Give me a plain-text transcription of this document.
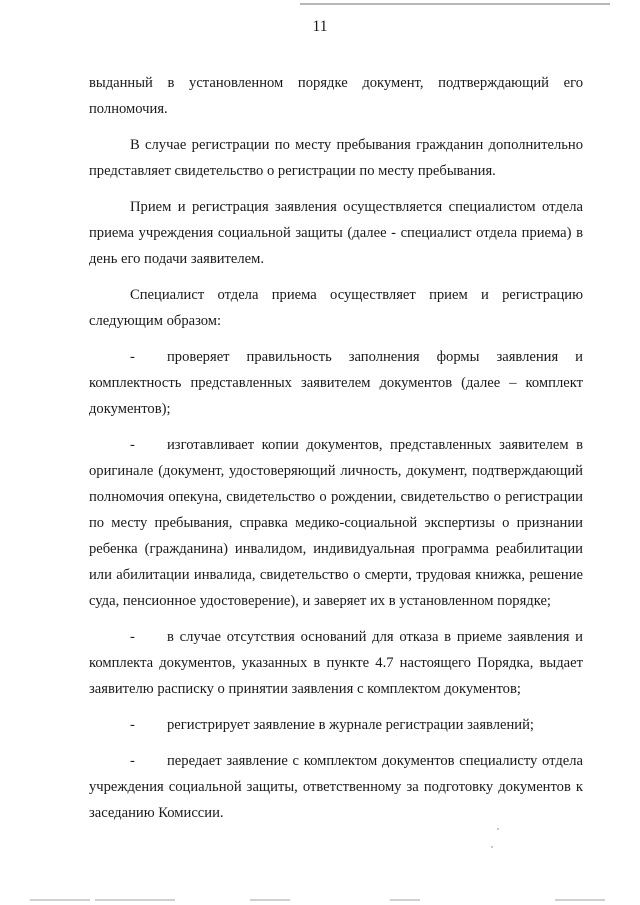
11

выданный в установленном порядке документ, подтверждающий его полномочия.

В случае регистрации по месту пребывания гражданин дополнительно представляет свидетельство о регистрации по месту пребывания.

Прием и регистрация заявления осуществляется специалистом отдела приема учреждения социальной защиты (далее - специалист отдела приема) в день его подачи заявителем.

Специалист отдела приема осуществляет прием и регистрацию следующим образом:

- проверяет правильность заполнения формы заявления и комплектность представленных заявителем документов (далее – комплект документов);

- изготавливает копии документов, представленных заявителем в оригинале (документ, удостоверяющий личность, документ, подтверждающий полномочия опекуна, свидетельство о рождении, свидетельство о регистрации по месту пребывания, справка медико-социальной экспертизы о признании ребенка (гражданина) инвалидом, индивидуальная программа реабилитации или абилитации инвалида, свидетельство о смерти, трудовая книжка, решение суда, пенсионное удостоверение), и заверяет их в установленном порядке;

- в случае отсутствия оснований для отказа в приеме заявления и комплекта документов, указанных в пункте 4.7 настоящего Порядка, выдает заявителю расписку о принятии заявления с комплектом документов;

- регистрирует заявление в журнале регистрации заявлений;

- передает заявление с комплектом документов специалисту отдела учреждения социальной защиты, ответственному за подготовку документов к заседанию Комиссии.
